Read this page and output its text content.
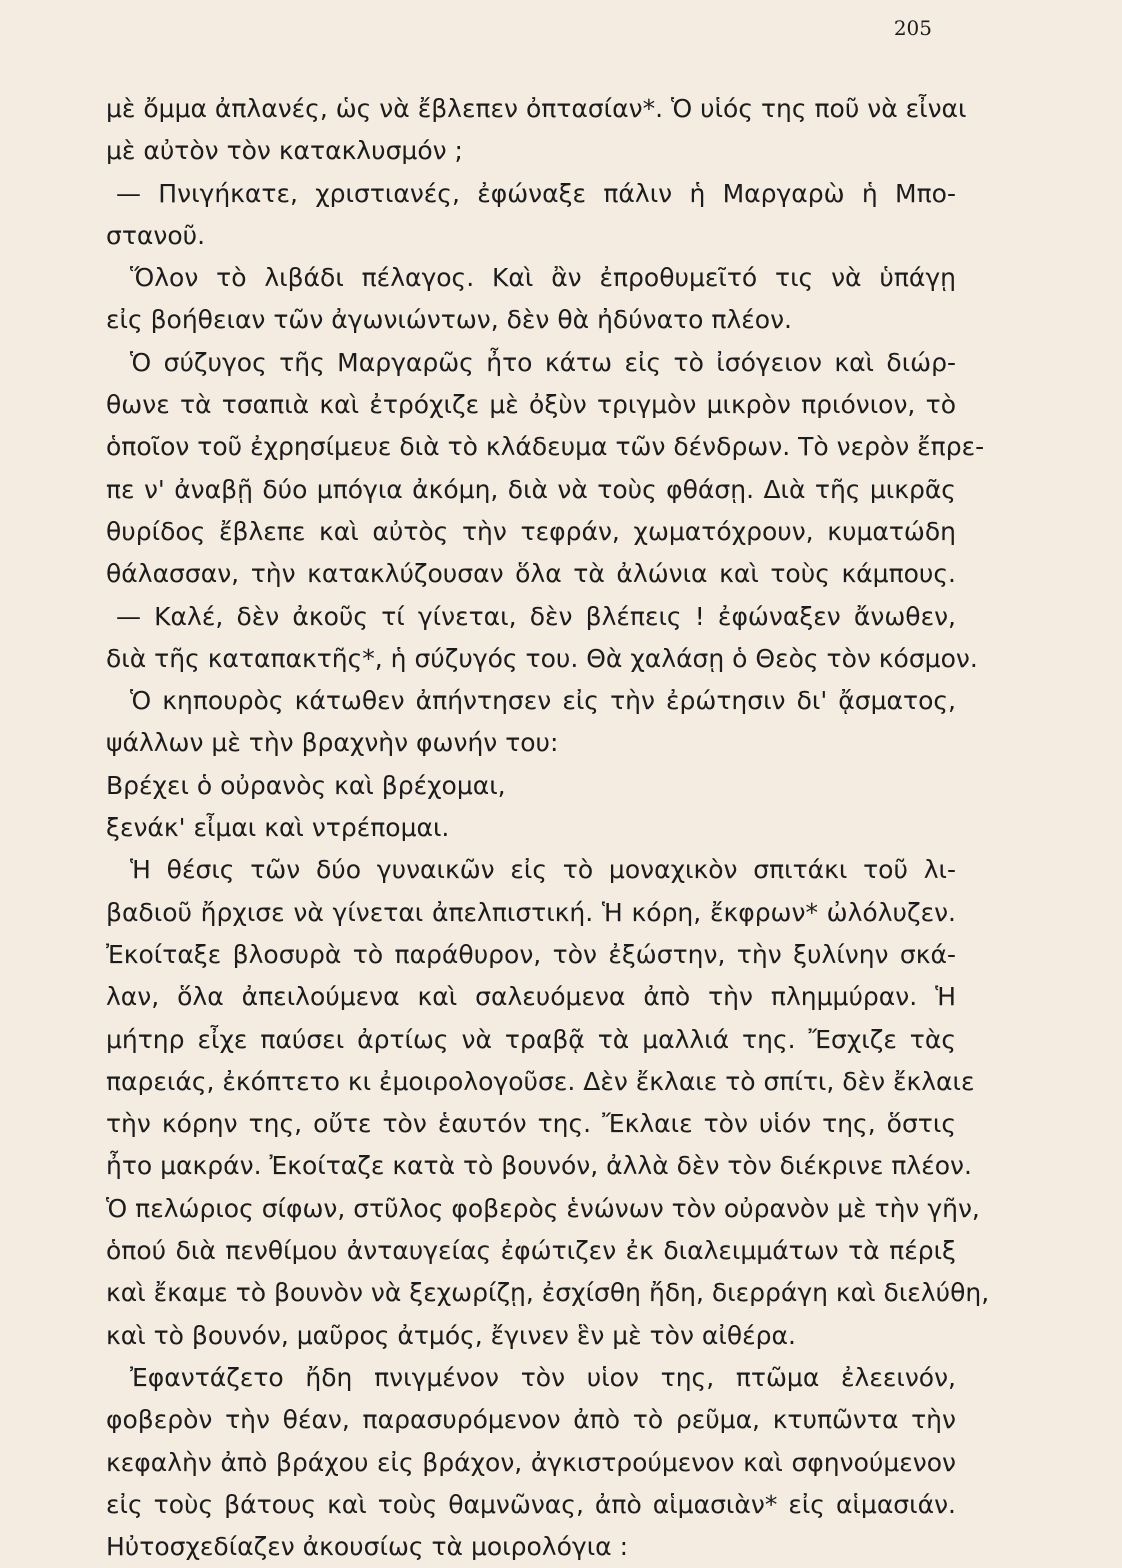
205

μὲ ὄμμα ἀπλανές, ὡς νὰ ἔβλεπεν ὀπτασίαν*. Ὁ υἱός της ποῦ νὰ εἶναι
μὲ αὐτὸν τὸν κατακλυσμόν ;

— Πνιγήκατε, χριστιανές, ἐφώναξε πάλιν ἡ Μαργαρὼ ἡ Μπο-
στανοῦ.

Ὅλον τὸ λιβάδι πέλαγος. Καὶ ἂν ἐπροθυμεῖτό τις νὰ ὑπάγῃ
εἰς βοήθειαν τῶν ἀγωνιώντων, δὲν θὰ ἠδύνατο πλέον.

Ὁ σύζυγος τῆς Μαργαρῶς ἦτο κάτω εἰς τὸ ἰσόγειον καὶ διώρ-
θωνε τὰ τσαπιὰ καὶ ἐτρόχιζε μὲ ὀξὺν τριγμὸν μικρὸν πριόνιον, τὸ
ὁποῖον τοῦ ἐχρησίμευε διὰ τὸ κλάδευμα τῶν δένδρων. Τὸ νερὸν ἔπρε-
πε ν' ἀναβῇ δύο μπόγια ἀκόμη, διὰ νὰ τοὺς φθάσῃ. Διὰ τῆς μικρᾶς
θυρίδος ἔβλεπε καὶ αὐτὸς τὴν τεφράν, χωματόχρουν, κυματώδη
θάλασσαν, τὴν κατακλύζουσαν ὅλα τὰ ἀλώνια καὶ τοὺς κάμπους.

— Καλέ, δὲν ἀκοῦς τί γίνεται, δὲν βλέπεις ! ἐφώναξεν ἄνωθεν,
διὰ τῆς καταπακτῆς*, ἡ σύζυγός του. Θὰ χαλάσῃ ὁ Θεὸς τὸν κόσμον.

Ὁ κηπουρὸς κάτωθεν ἀπήντησεν εἰς τὴν ἐρώτησιν δι' ᾄσματος,
ψάλλων μὲ τὴν βραχνὴν φωνήν του:

Βρέχει ὁ οὐρανὸς καὶ βρέχομαι,
ξενάκ' εἶμαι καὶ ντρέπομαι.

Ἡ θέσις τῶν δύο γυναικῶν εἰς τὸ μοναχικὸν σπιτάκι τοῦ λι-
βαδιοῦ ἤρχισε νὰ γίνεται ἀπελπιστική. Ἡ κόρη, ἔκφρων* ὠλόλυζεν.
Ἐκοίταξε βλοσυρὰ τὸ παράθυρον, τὸν ἐξώστην, τὴν ξυλίνην σκά-
λαν, ὅλα ἀπειλούμενα καὶ σαλευόμενα ἀπὸ τὴν πλημμύραν. Ἡ
μήτηρ εἶχε παύσει ἀρτίως νὰ τραβᾷ τὰ μαλλιά της. Ἔσχιζε τὰς
παρειάς, ἐκόπτετο κι ἐμοιρολογοῦσε. Δὲν ἔκλαιε τὸ σπίτι, δὲν ἔκλαιε
τὴν κόρην της, οὔτε τὸν ἑαυτόν της. Ἔκλαιε τὸν υἱόν της, ὅστις
ἦτο μακράν. Ἐκοίταζε κατὰ τὸ βουνόν, ἀλλὰ δὲν τὸν διέκρινε πλέον.
Ὁ πελώριος σίφων, στῦλος φοβερὸς ἑνώνων τὸν οὐρανὸν μὲ τὴν γῆν,
ὁπού διὰ πενθίμου ἀνταυγείας ἐφώτιζεν ἐκ διαλειμμάτων τὰ πέριξ
καὶ ἔκαμε τὸ βουνὸν νὰ ξεχωρίζῃ, ἐσχίσθη ἤδη, διερράγη καὶ διελύθη,
καὶ τὸ βουνόν, μαῦρος ἀτμός, ἔγινεν ἓν μὲ τὸν αἰθέρα.

Ἐφαντάζετο ἤδη πνιγμένον τὸν υἱον της, πτῶμα ἐλεεινόν,
φοβερὸν τὴν θέαν, παρασυρόμενον ἀπὸ τὸ ρεῦμα, κτυπῶντα τὴν
κεφαλὴν ἀπὸ βράχου εἰς βράχον, ἀγκιστρούμενον καὶ σφηνούμενον
εἰς τοὺς βάτους καὶ τοὺς θαμνῶνας, ἀπὸ αἱμασιὰν* εἰς αἱμασιάν.
Ηὐτοσχεδίαζεν ἀκουσίως τὰ μοιρολόγια :
